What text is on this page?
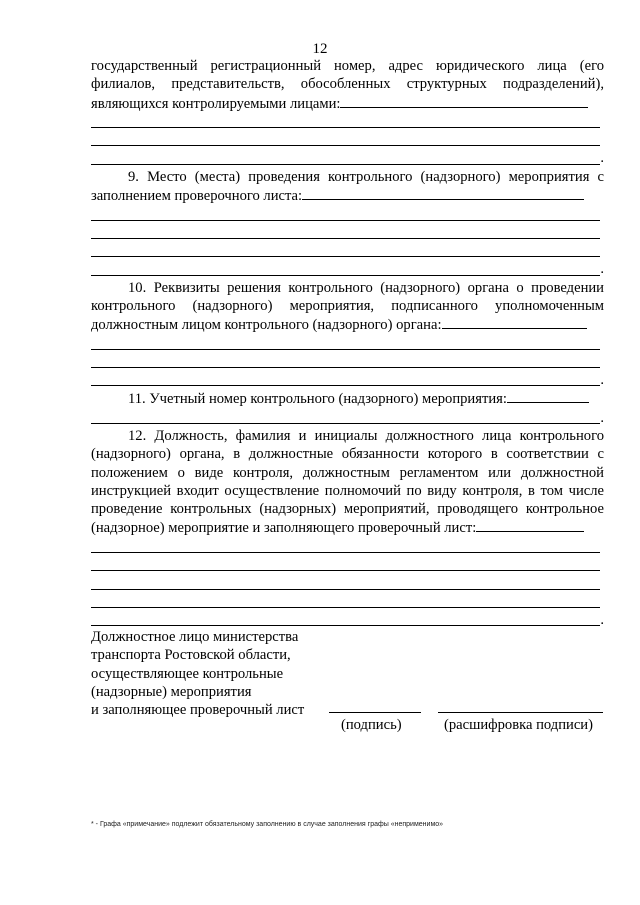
12

государственный регистрационный номер, адрес юридического лица (его филиалов, представительств, обособленных структурных подразделений), являющихся контролируемыми лицами:

.

9. Место (места) проведения контрольного (надзорного) мероприятия с заполнением проверочного листа:

.

10. Реквизиты решения контрольного (надзорного) органа о проведении контрольного (надзорного) мероприятия, подписанного уполномоченным должностным лицом контрольного (надзорного) органа:

.

11. Учетный номер контрольного (надзорного) мероприятия:

.

12. Должность, фамилия и инициалы должностного лица контрольного (надзорного) органа, в должностные обязанности которого в соответствии с положением о виде контроля, должностным регламентом или должностной инструкцией входит осуществление полномочий по виду контроля, в том числе проведение контрольных (надзорных) мероприятий, проводящего контрольное (надзорное) мероприятие и заполняющего проверочный лист:

.
Должностное лицо министерства
транспорта Ростовской области,
осуществляющее контрольные
(надзорные) мероприятия
и заполняющее проверочный лист
(подпись)	(расшифровка подписи)
* - Графа «примечание» подлежит обязательному заполнению в случае заполнения графы «неприменимо»
